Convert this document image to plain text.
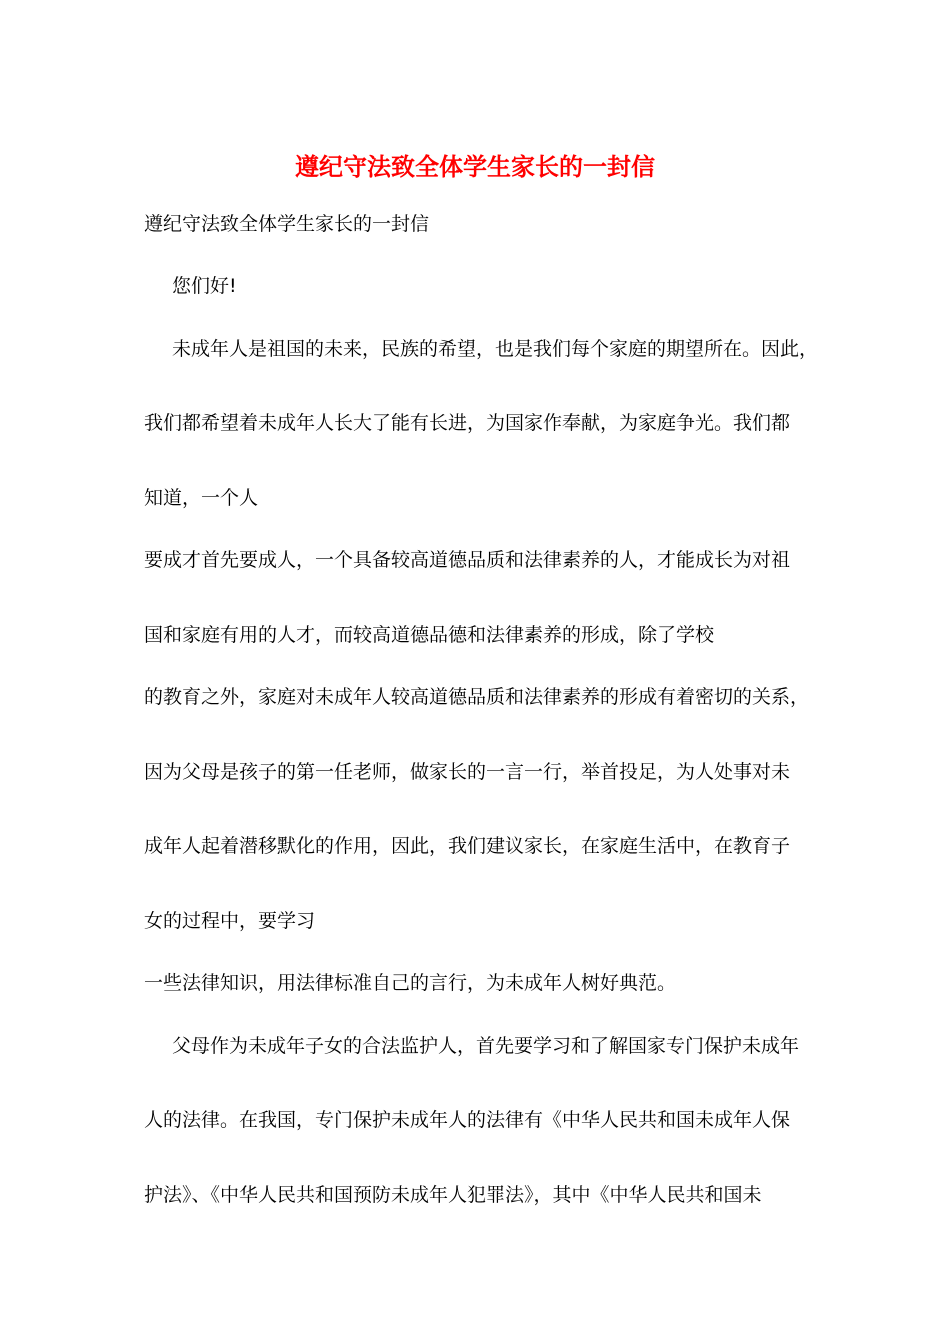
遵纪守法致全体学生家长的一封信
遵纪守法致全体学生家长的一封信
您们好!
未成年人是祖国的未来，民族的希望，也是我们每个家庭的期望所在。因此，
我们都希望着未成年人长大了能有长进，为国家作奉献，为家庭争光。我们都
知道，一个人
要成才首先要成人，一个具备较高道德品质和法律素养的人，才能成长为对祖
国和家庭有用的人才，而较高道德品德和法律素养的形成，除了学校
的教育之外，家庭对未成年人较高道德品质和法律素养的形成有着密切的关系，
因为父母是孩子的第一任老师，做家长的一言一行，举首投足，为人处事对未
成年人起着潜移默化的作用，因此，我们建议家长，在家庭生活中，在教育子
女的过程中，要学习
一些法律知识，用法律标准自己的言行，为未成年人树好典范。
父母作为未成年子女的合法监护人，首先要学习和了解国家专门保护未成年
人的法律。在我国，专门保护未成年人的法律有《中华人民共和国未成年人保
护法》、《中华人民共和国预防未成年人犯罪法》，其中《中华人民共和国未
